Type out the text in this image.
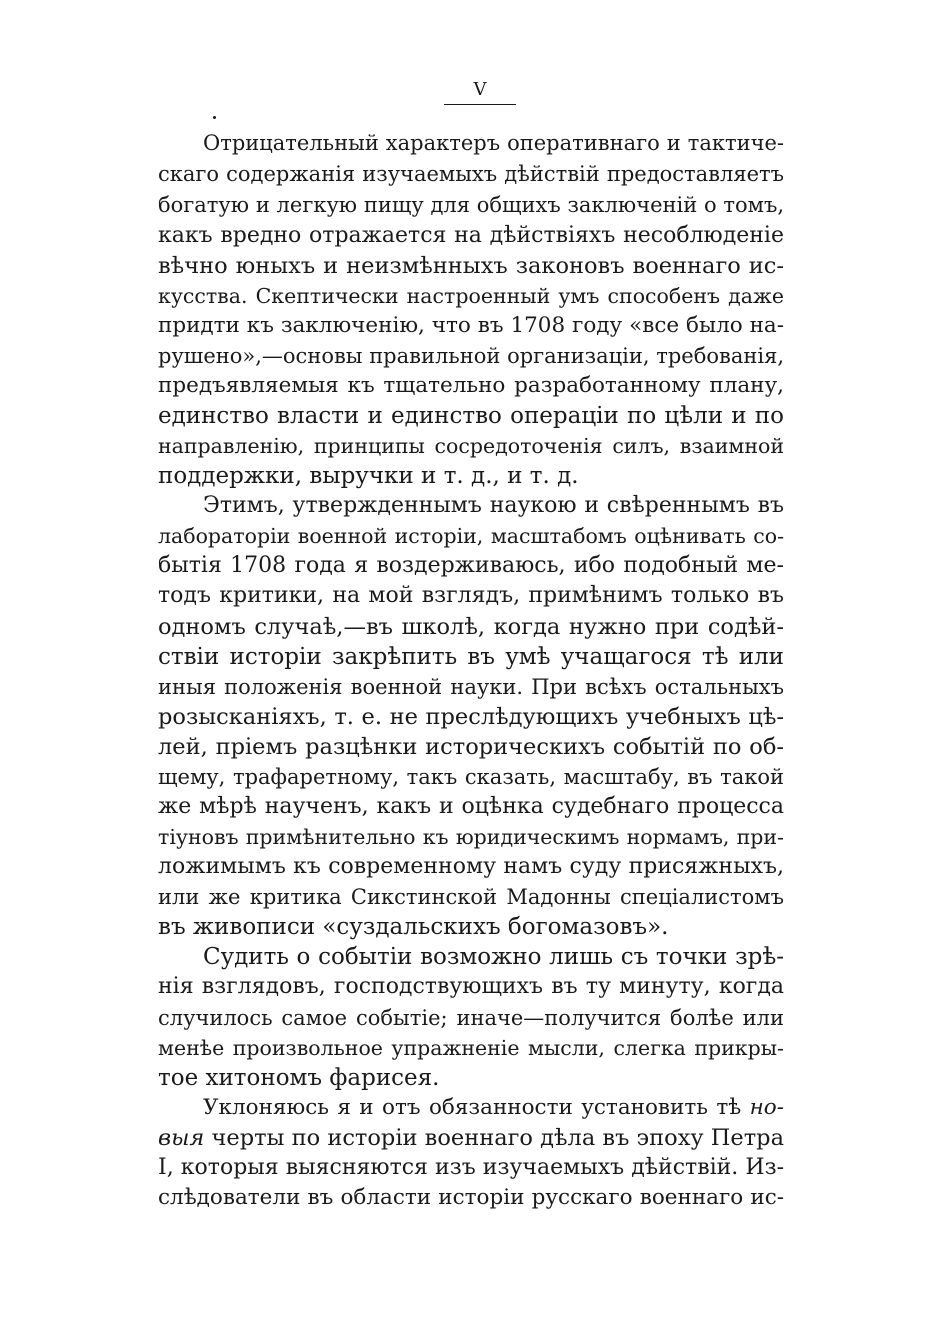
V
Отрицательный характеръ оперативнаго и тактиче-
скаго содержанія изучаемыхъ дѣйствій предоставляетъ
богатую и легкую пищу для общихъ заключеній о томъ,
какъ вредно отражается на дѣйствіяхъ несоблюденіе
вѣчно юныхъ и неизмѣнныхъ законовъ военнаго ис-
кусства. Скептически настроенный умъ способенъ даже
придти къ заключенію, что въ 1708 году «все было на-
рушено»,—основы правильной организаціи, требованія,
предъявляемыя къ тщательно разработанному плану,
единство власти и единство операціи по цѣли и по
направленію, принципы сосредоточенія силъ, взаимной
поддержки, выручки и т. д., и т. д.
Этимъ, утвержденнымъ наукою и свѣреннымъ въ
лабораторіи военной исторіи, масштабомъ оцѣнивать со-
бытія 1708 года я воздерживаюсь, ибо подобный ме-
тодъ критики, на мой взглядъ, примѣнимъ только въ
одномъ случаѣ,—въ школѣ, когда нужно при содѣй-
ствіи исторіи закрѣпить въ умѣ учащагося тѣ или
иныя положенія военной науки. При всѣхъ остальныхъ
розысканіяхъ, т. е. не преслѣдующихъ учебныхъ цѣ-
лей, пріемъ разцѣнки историческихъ событій по об-
щему, трафаретному, такъ сказать, масштабу, въ такой
же мѣрѣ наученъ, какъ и оцѣнка судебнаго процесса
тіуновъ примѣнительно къ юридическимъ нормамъ, при-
ложимымъ къ современному намъ суду присяжныхъ,
или же критика Сикстинской Мадонны спеціалистомъ
въ живописи «суздальскихъ богомазовъ».
Судить о событіи возможно лишь съ точки зрѣ-
нія взглядовъ, господствующихъ въ ту минуту, когда
случилось самое событіе; иначе—получится болѣе или
менѣе произвольное упражненіе мысли, слегка прикры-
тое хитономъ фарисея.
Уклоняюсь я и отъ обязанности установить тѣ но-
выя черты по исторіи военнаго дѣла въ эпоху Петра
I, которыя выясняются изъ изучаемыхъ дѣйствій. Из-
слѣдователи въ области исторіи русскаго военнаго ис-
